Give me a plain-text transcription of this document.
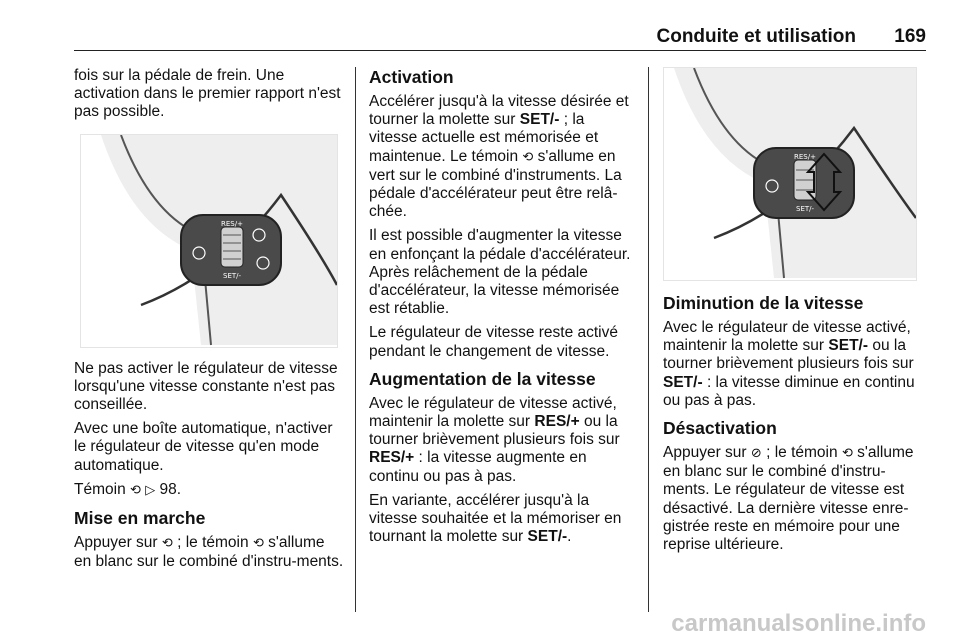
Conduite et utilisation 169

fois sur la pédale de frein. Une activation dans le premier rapport n'est pas possible.

RES/+
SET/-

Ne pas activer le régulateur de vitesse lorsqu'une vitesse constante n'est pas conseillée.

Avec une boîte automatique, n'activer le régulateur de vitesse qu'en mode automatique.

Témoin ⟲ ▷ 98.

Mise en marche

Appuyer sur ⟲ ; le témoin ⟲ s'allume en blanc sur le combiné d'instru-ments.

Activation

Accélérer jusqu'à la vitesse désirée et tourner la molette sur SET/- ; la vitesse actuelle est mémorisée et maintenue. Le témoin ⟲ s'allume en vert sur le combiné d'instruments. La pédale d'accélérateur peut être relâ-chée.

Il est possible d'augmenter la vitesse en enfonçant la pédale d'accélérateur. Après relâchement de la pédale d'accélérateur, la vitesse mémorisée est rétablie.

Le régulateur de vitesse reste activé pendant le changement de vitesse.

Augmentation de la vitesse

Avec le régulateur de vitesse activé, maintenir la molette sur RES/+ ou la tourner brièvement plusieurs fois sur RES/+ : la vitesse augmente en continu ou pas à pas.

En variante, accélérer jusqu'à la vitesse souhaitée et la mémoriser en tournant la molette sur SET/-.

RES/+
SET/-
Diminution de la vitesse

Avec le régulateur de vitesse activé, maintenir la molette sur SET/- ou la tourner brièvement plusieurs fois sur SET/- : la vitesse diminue en continu ou pas à pas.

Désactivation

Appuyer sur ⊘ ; le témoin ⟲ s'allume en blanc sur le combiné d'instru-ments. Le régulateur de vitesse est désactivé. La dernière vitesse enre-gistrée reste en mémoire pour une reprise ultérieure.

carmanualsonline.info
